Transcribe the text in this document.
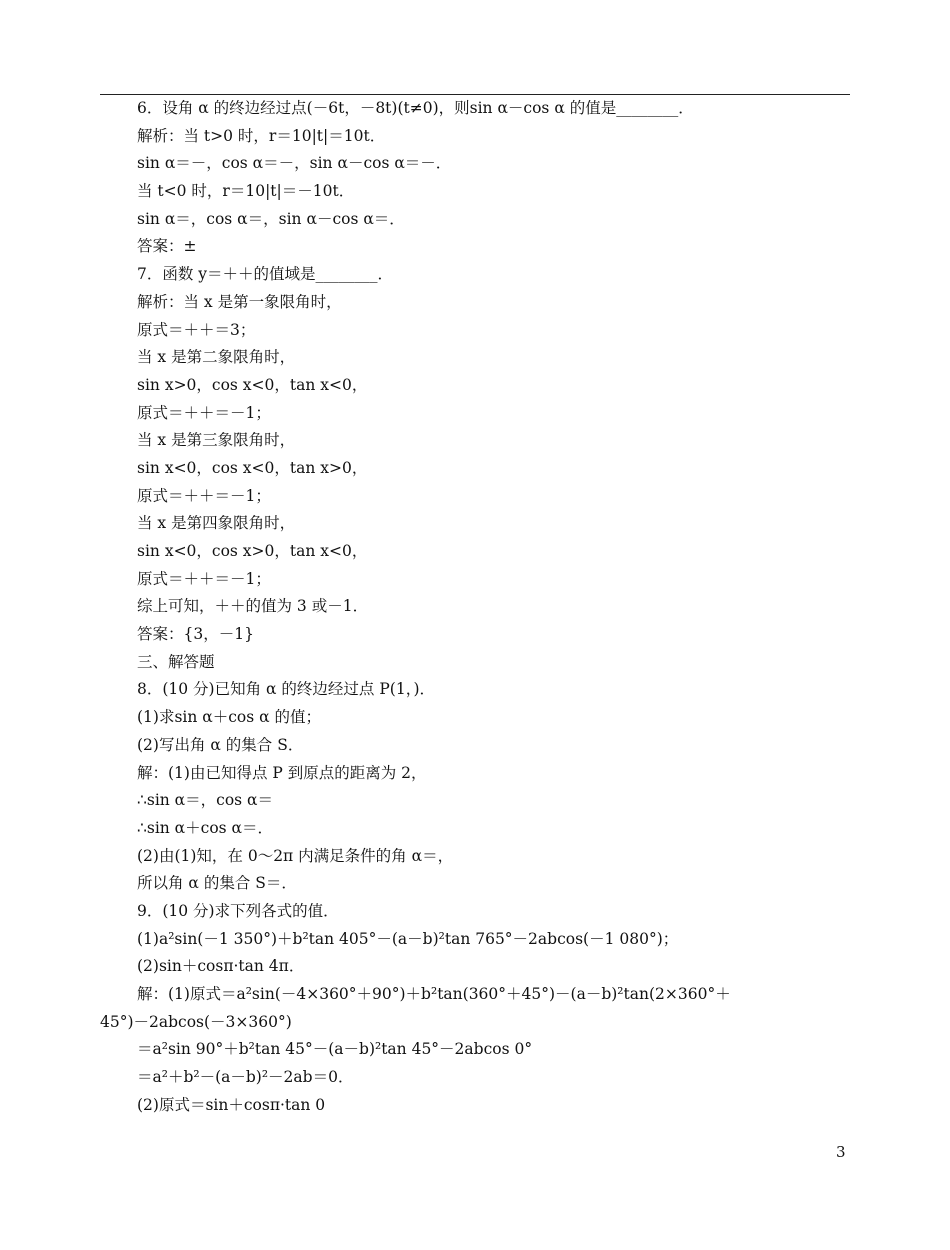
6．设角 α 的终边经过点(－6t，－8t)(t≠0)，则sin α－cos α 的值是________．
解析：当 t>0 时，r＝10|t|＝10t．
sin α＝－，cos α＝－，sin α－cos α＝－．
当 t<0 时，r＝10|t|＝－10t．
sin α＝，cos α＝，sin α－cos α＝．
答案：±
7．函数 y＝＋＋的值域是________．
解析：当 x 是第一象限角时，
原式＝＋＋＝3；
当 x 是第二象限角时，
sin x>0，cos x<0，tan x<0，
原式＝＋＋＝－1；
当 x 是第三象限角时，
sin x<0，cos x<0，tan x>0，
原式＝＋＋＝－1；
当 x 是第四象限角时，
sin x<0，cos x>0，tan x<0，
原式＝＋＋＝－1；
综上可知，＋＋的值为 3 或－1．
答案：{3，－1}
三、解答题
8．(10 分)已知角 α 的终边经过点 P(1，)．
(1)求sin α＋cos α 的值；
(2)写出角 α 的集合 S．
解：(1)由已知得点 P 到原点的距离为 2，
∴sin α＝，cos α＝
∴sin α＋cos α＝．
(2)由(1)知，在 0～2π 内满足条件的角 α＝，
所以角 α 的集合 S＝．
9．(10 分)求下列各式的值．
(1)a²sin(－1 350°)＋b²tan 405°－(a－b)²tan 765°－2abcos(－1 080°)；
(2)sin＋cosπ·tan 4π．
解：(1)原式＝a²sin(－4×360°＋90°)＋b²tan(360°＋45°)－(a－b)²tan(2×360°＋
45°)－2abcos(－3×360°)
＝a²sin 90°＋b²tan 45°－(a－b)²tan 45°－2abcos 0°
＝a²＋b²－(a－b)²－2ab＝0．
(2)原式＝sin＋cosπ·tan 0
3
